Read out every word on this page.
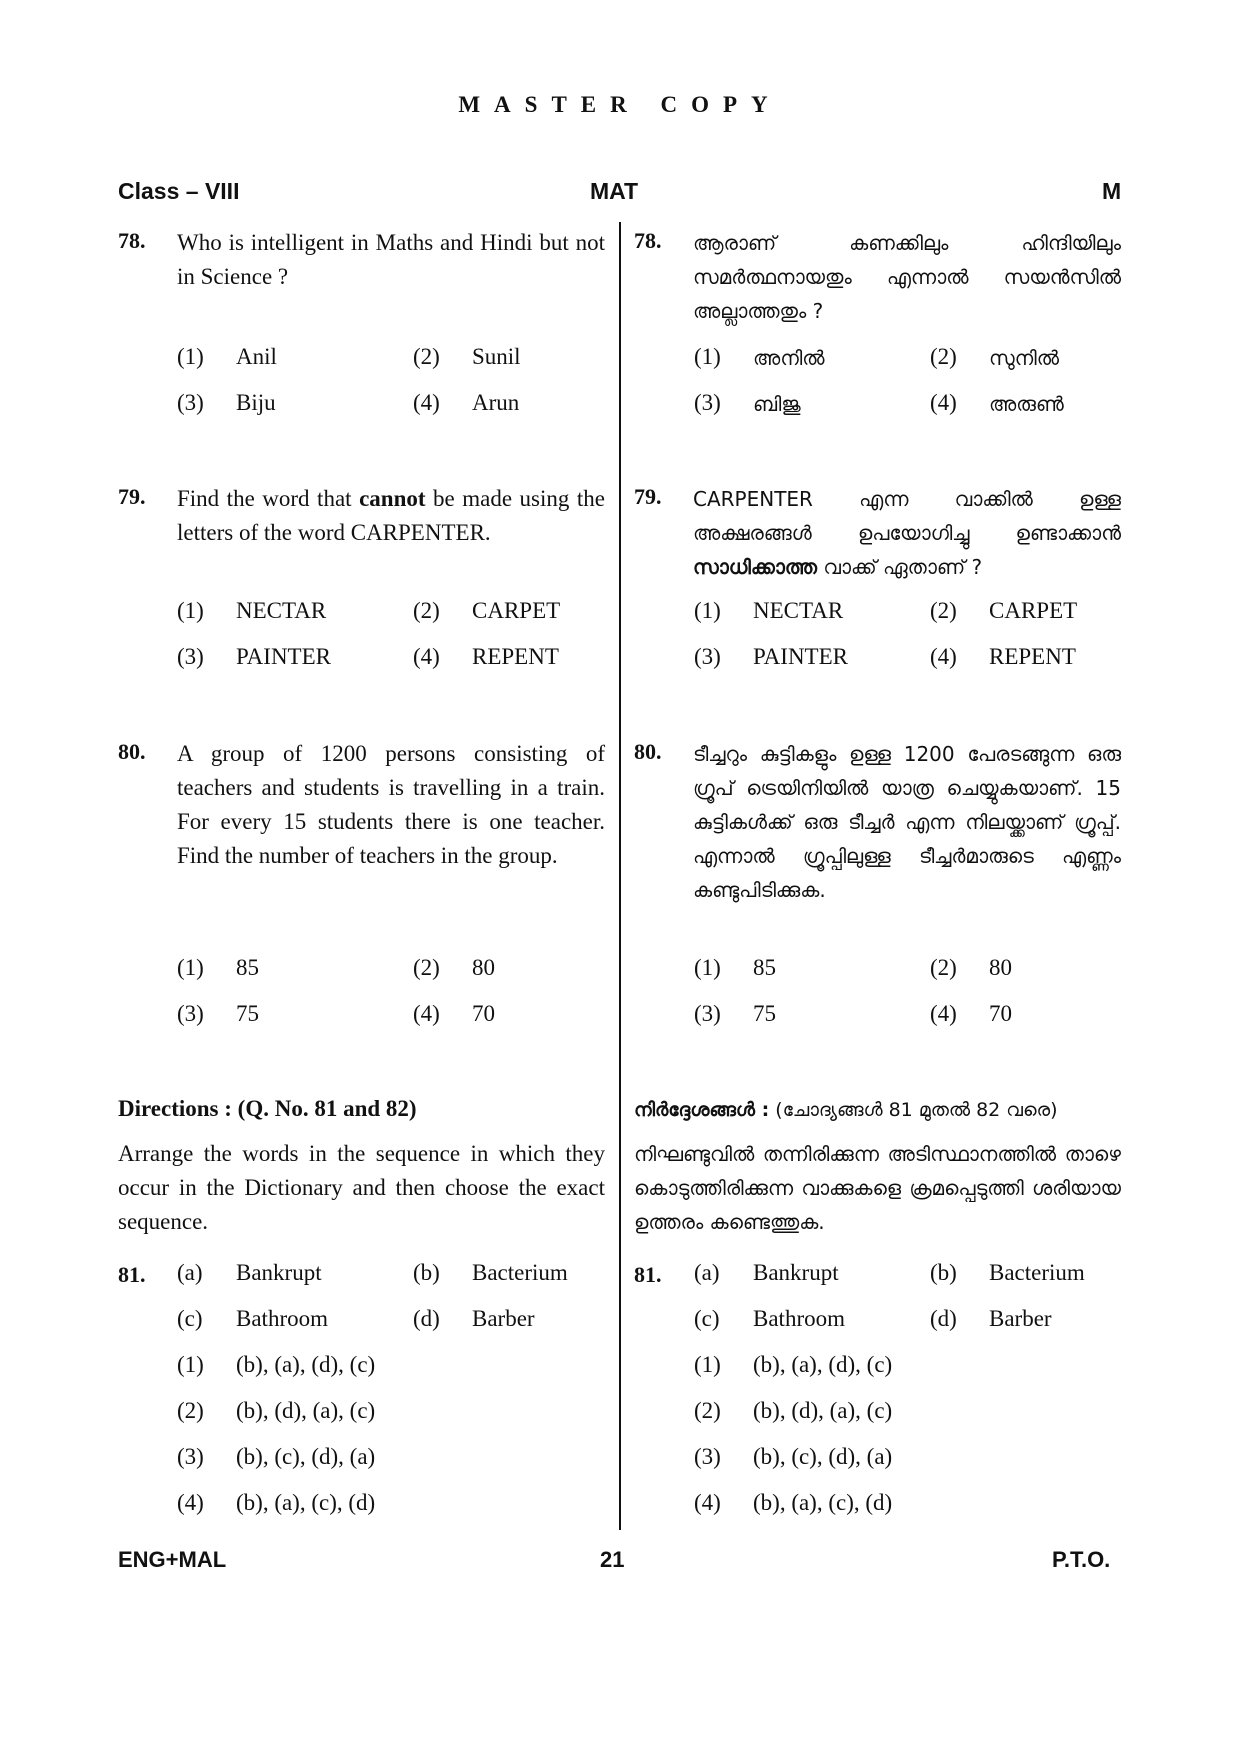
MASTER COPY
Class – VIII	MAT	M
78. Who is intelligent in Maths and Hindi but not in Science ?
(1) Anil	(2) Sunil
(3) Biju	(4) Arun
78. ആരാണ് കണക്കിലും ഹിന്ദിയിലും സമർത്ഥനായതും എന്നാൽ സയൻസിൽ അല്ലാത്തതും ?
(1) അനിൽ	(2) സുനിൽ
(3) ബിജു	(4) അരുൺ
79. Find the word that cannot be made using the letters of the word CARPENTER.
(1) NECTAR	(2) CARPET
(3) PAINTER	(4) REPENT
79. CARPENTER എന്ന വാക്കിൽ ഉള്ള അക്ഷരങ്ങൾ ഉപയോഗിച്ചു ഉണ്ടാക്കാൻ സാധിക്കാത്ത വാക്ക് ഏതാണ് ?
(1) NECTAR	(2) CARPET
(3) PAINTER	(4) REPENT
80. A group of 1200 persons consisting of teachers and students is travelling in a train. For every 15 students there is one teacher. Find the number of teachers in the group.
(1) 85	(2) 80
(3) 75	(4) 70
80. ടീച്ചറും കുട്ടികളും ഉള്ള 1200 പേരടങ്ങുന്ന ഒരു ഗ്രൂപ് ട്രെയിനിയിൽ യാത്ര ചെയ്യുകയാണ്. 15 കുട്ടികൾക്ക് ഒരു ടീച്ചർ എന്ന നിലയ്ക്കാണ് ഗ്രൂപ്പ്. എന്നാൽ ഗ്രൂപ്പിലുള്ള ടീച്ചർമാരുടെ എണ്ണം കണ്ടുപിടിക്കുക.
(1) 85	(2) 80
(3) 75	(4) 70
Directions : (Q. No. 81 and 82)
Arrange the words in the sequence in which they occur in the Dictionary and then choose the exact sequence.
നിർദ്ദേശങ്ങൾ : (ചോദ്യങ്ങൾ 81 മുതൽ 82 വരെ)
നിഘണ്ടുവിൽ തന്നിരിക്കുന്ന അടിസ്ഥാനത്തിൽ താഴെ കൊടുത്തിരിക്കുന്ന വാക്കുകളെ ക്രമപ്പെടുത്തി ശരിയായ ഉത്തരം കണ്ടെത്തുക.
81. (a) Bankrupt	(b) Bacterium
(c) Bathroom	(d) Barber
(1) (b), (a), (d), (c)
(2) (b), (d), (a), (c)
(3) (b), (c), (d), (a)
(4) (b), (a), (c), (d)
81. (a) Bankrupt	(b) Bacterium
(c) Bathroom	(d) Barber
(1) (b), (a), (d), (c)
(2) (b), (d), (a), (c)
(3) (b), (c), (d), (a)
(4) (b), (a), (c), (d)
ENG+MAL	21	P.T.O.
